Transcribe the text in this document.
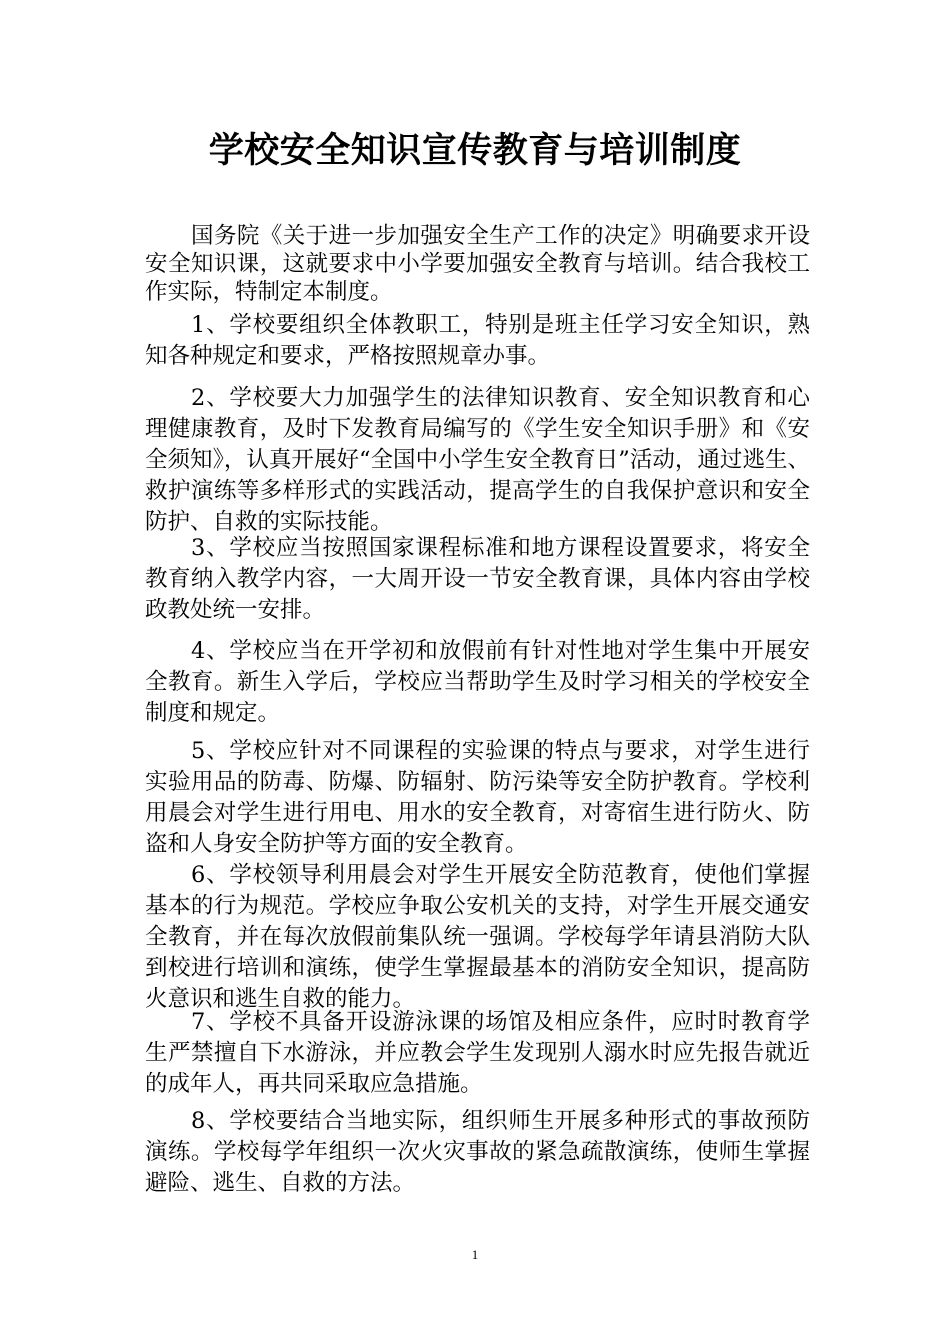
学校安全知识宣传教育与培训制度

国务院《关于进一步加强安全生产工作的决定》明确要求开设安全知识课，这就要求中小学要加强安全教育与培训。结合我校工作实际，特制定本制度。

1、学校要组织全体教职工，特别是班主任学习安全知识，熟知各种规定和要求，严格按照规章办事。

2、学校要大力加强学生的法律知识教育、安全知识教育和心理健康教育，及时下发教育局编写的《学生安全知识手册》和《安全须知》，认真开展好“全国中小学生安全教育日”活动，通过逃生、救护演练等多样形式的实践活动，提高学生的自我保护意识和安全防护、自救的实际技能。

3、学校应当按照国家课程标准和地方课程设置要求，将安全教育纳入教学内容，一大周开设一节安全教育课，具体内容由学校政教处统一安排。

4、学校应当在开学初和放假前有针对性地对学生集中开展安全教育。新生入学后，学校应当帮助学生及时学习相关的学校安全制度和规定。

5、学校应针对不同课程的实验课的特点与要求，对学生进行实验用品的防毒、防爆、防辐射、防污染等安全防护教育。学校利用晨会对学生进行用电、用水的安全教育，对寄宿生进行防火、防盗和人身安全防护等方面的安全教育。

6、学校领导利用晨会对学生开展安全防范教育，使他们掌握基本的行为规范。学校应争取公安机关的支持，对学生开展交通安全教育，并在每次放假前集队统一强调。学校每学年请县消防大队到校进行培训和演练，使学生掌握最基本的消防安全知识，提高防火意识和逃生自救的能力。

7、学校不具备开设游泳课的场馆及相应条件，应时时教育学生严禁擅自下水游泳，并应教会学生发现别人溺水时应先报告就近的成年人，再共同采取应急措施。

8、学校要结合当地实际，组织师生开展多种形式的事故预防演练。学校每学年组织一次火灾事故的紧急疏散演练，使师生掌握避险、逃生、自救的方法。

1
